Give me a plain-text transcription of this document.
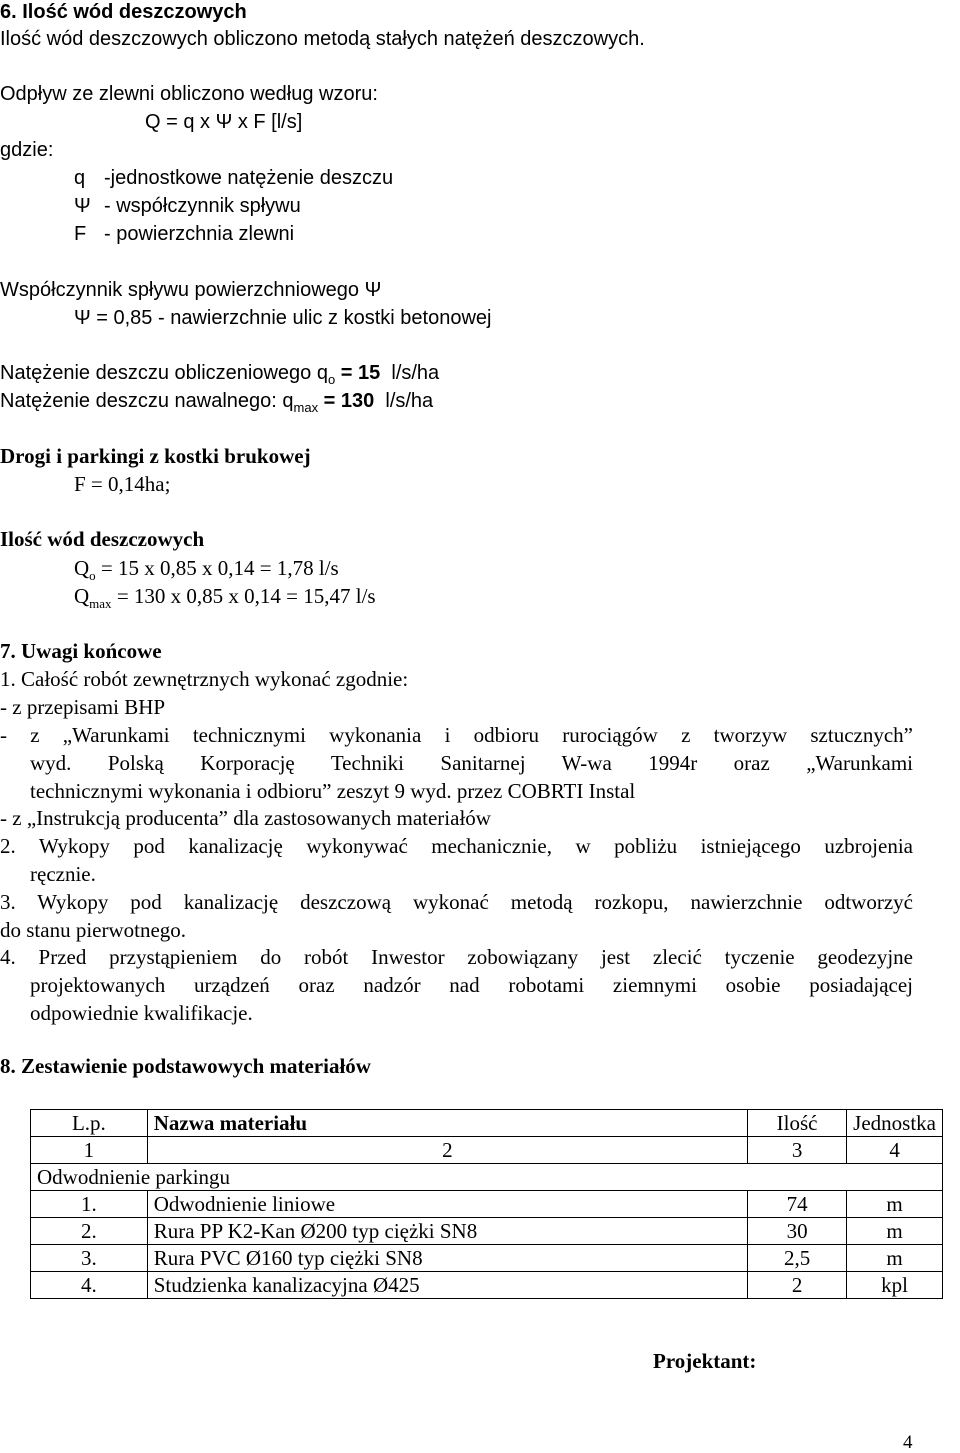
6. Ilość wód deszczowych
Ilość wód deszczowych obliczono metodą stałych natężeń deszczowych.
Odpływ ze zlewni obliczono według wzoru:
Q = q x Ψ x F [l/s]
gdzie:
q -jednostkowe natężenie deszczu
Ψ - współczynnik spływu
F - powierzchnia zlewni
Współczynnik spływu powierzchniowego Ψ
Ψ = 0,85 - nawierzchnie ulic z kostki betonowej
Natężenie deszczu obliczeniowego $q_o = 15$  l/s/ha
Natężenie deszczu nawalnego: $q_{max} = 130$  l/s/ha
Drogi i parkingi z kostki brukowej
F = 0,14ha;
Ilość wód deszczowych
$Q_o = 15$ x 0,85 x 0,14 = 1,78 l/s
$Q_{max} = 130$ x 0,85 x 0,14 = 15,47 l/s
7. Uwagi końcowe
1. Całość robót zewnętrznych wykonać zgodnie:
- z przepisami BHP
- z „Warunkami technicznymi wykonania i odbioru rurociągów z tworzyw sztucznych”
wyd. Polską Korporację Techniki Sanitarnej W-wa 1994r oraz „Warunkami
technicznymi wykonania i odbioru” zeszyt 9 wyd. przez COBRTI Instal
- z „Instrukcją producenta” dla zastosowanych materiałów
2. Wykopy pod kanalizację wykonywać mechanicznie, w pobliżu istniejącego uzbrojenia
ręcznie.
3. Wykopy pod kanalizację deszczową wykonać metodą rozkopu, nawierzchnie odtworzyć
do stanu pierwotnego.
4. Przed przystąpieniem do robót Inwestor zobowiązany jest zlecić tyczenie geodezyjne
projektowanych urządzeń oraz nadzór nad robotami ziemnymi osobie posiadającej
odpowiednie kwalifikacje.
8. Zestawienie podstawowych materiałów
L.p.	Nazwa materiału	Ilość	Jednostka
1	2	3	4
Odwodnienie parkingu			
1.	Odwodnienie liniowe	74	m
2.	Rura PP K2-Kan Ø200 typ ciężki SN8	30	m
3.	Rura PVC Ø160 typ ciężki SN8	2,5	m
4.	Studzienka kanalizacyjna Ø425	2	kpl
Projektant:
4
